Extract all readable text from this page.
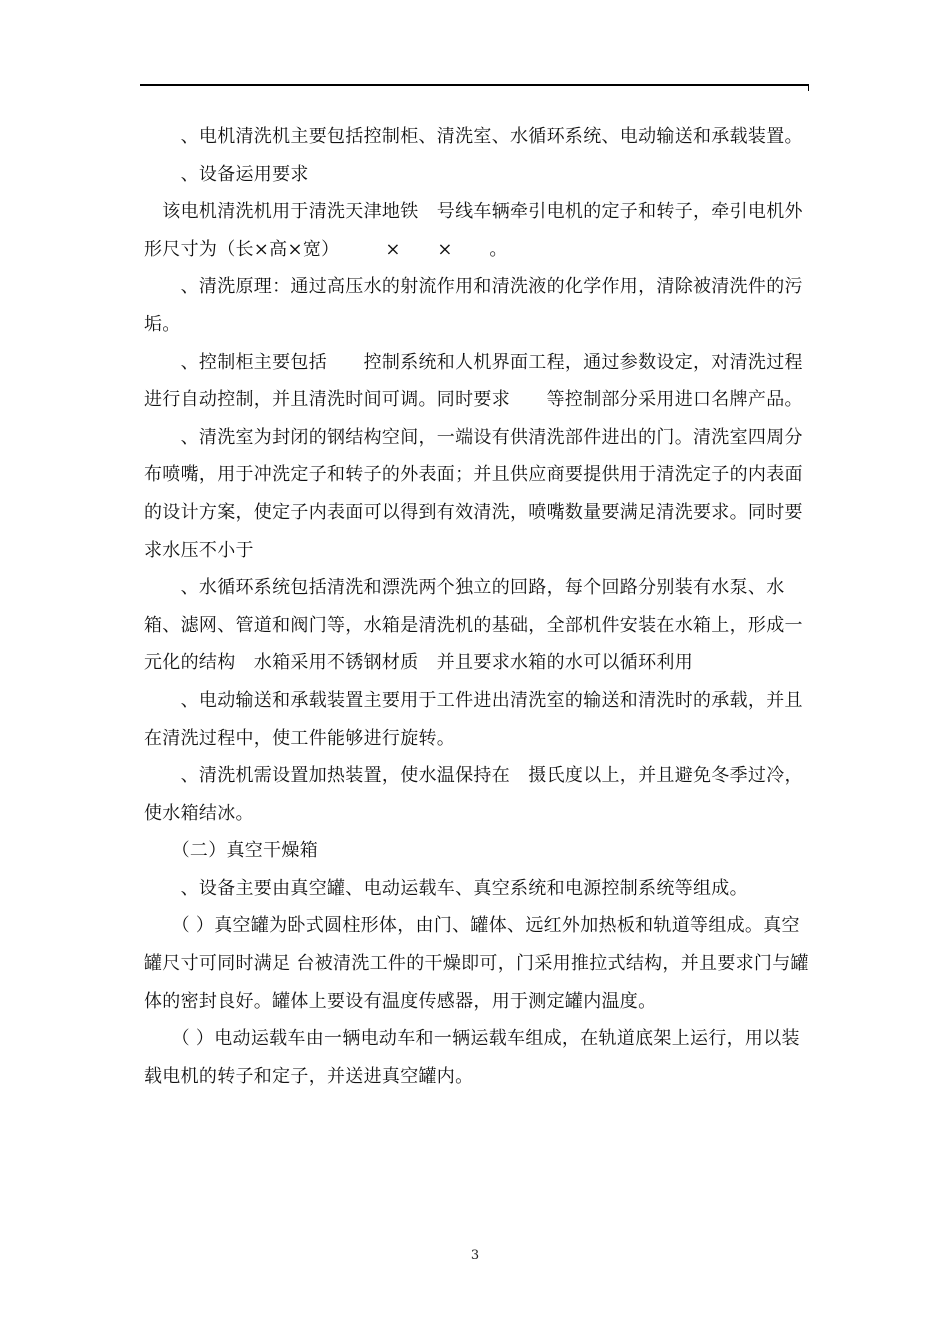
　　、电机清洗机主要包括控制柜、清洗室、水循环系统、电动输送和承载装置。

　　、设备运用要求

　该电机清洗机用于清洗天津地铁　号线车辆牵引电机的定子和转子，牵引电机外形尺寸为（长×高×宽）　　　×　　×　　。

　　、清洗原理：通过高压水的射流作用和清洗液的化学作用，清除被清洗件的污垢。

　　、控制柜主要包括　　控制系统和人机界面工程，通过参数设定，对清洗过程进行自动控制，并且清洗时间可调。同时要求　　等控制部分采用进口名牌产品。

　　、清洗室为封闭的钢结构空间，一端设有供清洗部件进出的门。清洗室四周分布喷嘴，用于冲洗定子和转子的外表面；并且供应商要提供用于清洗定子的内表面的设计方案，使定子内表面可以得到有效清洗，喷嘴数量要满足清洗要求。同时要求水压不小于

　　、水循环系统包括清洗和漂洗两个独立的回路，每个回路分别装有水泵、水箱、滤网、管道和阀门等，水箱是清洗机的基础，全部机件安装在水箱上，形成一元化的结构　水箱采用不锈钢材质　并且要求水箱的水可以循环利用

　　、电动输送和承载装置主要用于工件进出清洗室的输送和清洗时的承载，并且在清洗过程中，使工件能够进行旋转。

　　、清洗机需设置加热装置，使水温保持在　摄氏度以上，并且避免冬季过冷，使水箱结冰。

　　（二）真空干燥箱

　　、设备主要由真空罐、电动运载车、真空系统和电源控制系统等组成。

　　（ ）真空罐为卧式圆柱形体，由门、罐体、远红外加热板和轨道等组成。真空罐尺寸可同时满足 台被清洗工件的干燥即可，门采用推拉式结构，并且要求门与罐体的密封良好。罐体上要设有温度传感器，用于测定罐内温度。

　　（ ）电动运载车由一辆电动车和一辆运载车组成，在轨道底架上运行，用以装载电机的转子和定子，并送进真空罐内。

3
